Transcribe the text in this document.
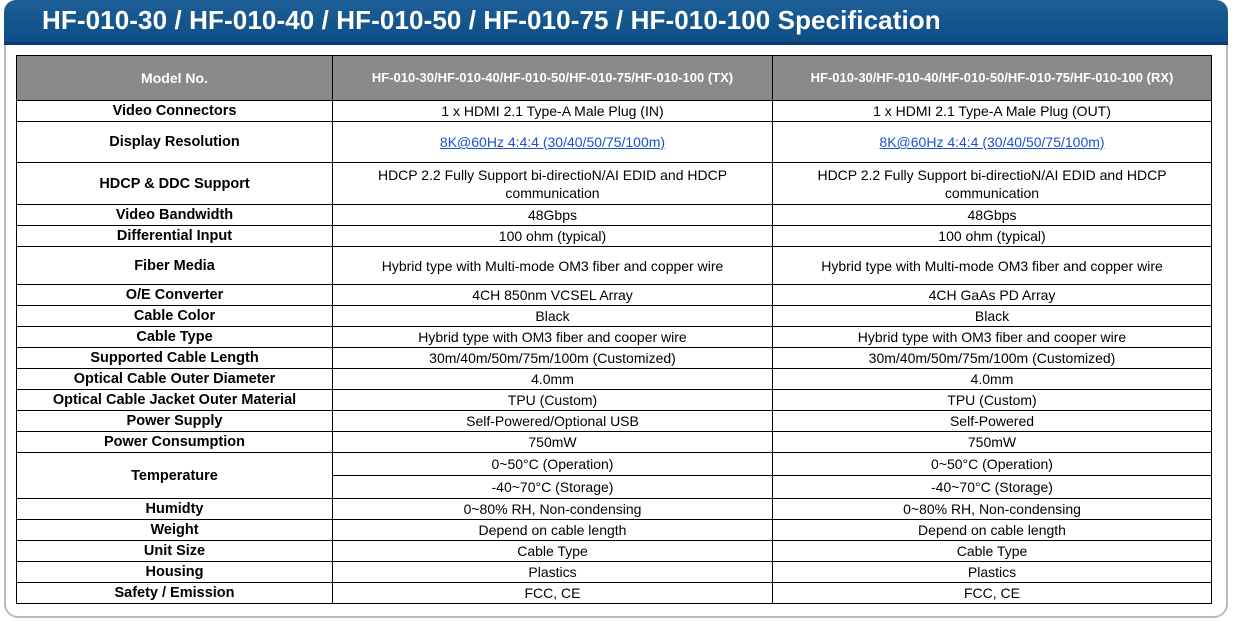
HF-010-30 / HF-010-40 / HF-010-50 / HF-010-75 / HF-010-100 Specification
Model No.	HF-010-30/HF-010-40/HF-010-50/HF-010-75/HF-010-100 (TX)	HF-010-30/HF-010-40/HF-010-50/HF-010-75/HF-010-100 (RX)
Video Connectors	1 x HDMI 2.1 Type-A Male Plug (IN)	1 x HDMI 2.1 Type-A Male Plug (OUT)
Display Resolution	8K@60Hz 4:4:4 (30/40/50/75/100m)	8K@60Hz 4:4:4 (30/40/50/75/100m)
HDCP & DDC Support	HDCP 2.2 Fully Support bi-directioN/AI EDID and HDCP communication	HDCP 2.2 Fully Support bi-directioN/AI EDID and HDCP communication
Video Bandwidth	48Gbps	48Gbps
Differential Input	100 ohm (typical)	100 ohm (typical)
Fiber Media	Hybrid type with Multi-mode OM3 fiber and copper wire	Hybrid type with Multi-mode OM3 fiber and copper wire
O/E Converter	4CH 850nm VCSEL Array	4CH GaAs PD Array
Cable Color	Black	Black
Cable Type	Hybrid type with OM3 fiber and cooper wire	Hybrid type with OM3 fiber and cooper wire
Supported Cable Length	30m/40m/50m/75m/100m (Customized)	30m/40m/50m/75m/100m (Customized)
Optical Cable Outer Diameter	4.0mm	4.0mm
Optical Cable Jacket Outer Material	TPU (Custom)	TPU (Custom)
Power Supply	Self-Powered/Optional USB	Self-Powered
Power Consumption	750mW	750mW
Temperature	0~50°C (Operation)	0~50°C (Operation)
	-40~70°C (Storage)	-40~70°C (Storage)
Humidty	0~80% RH, Non-condensing	0~80% RH, Non-condensing
Weight	Depend on cable length	Depend on cable length
Unit Size	Cable Type	Cable Type
Housing	Plastics	Plastics
Safety / Emission	FCC, CE	FCC, CE
